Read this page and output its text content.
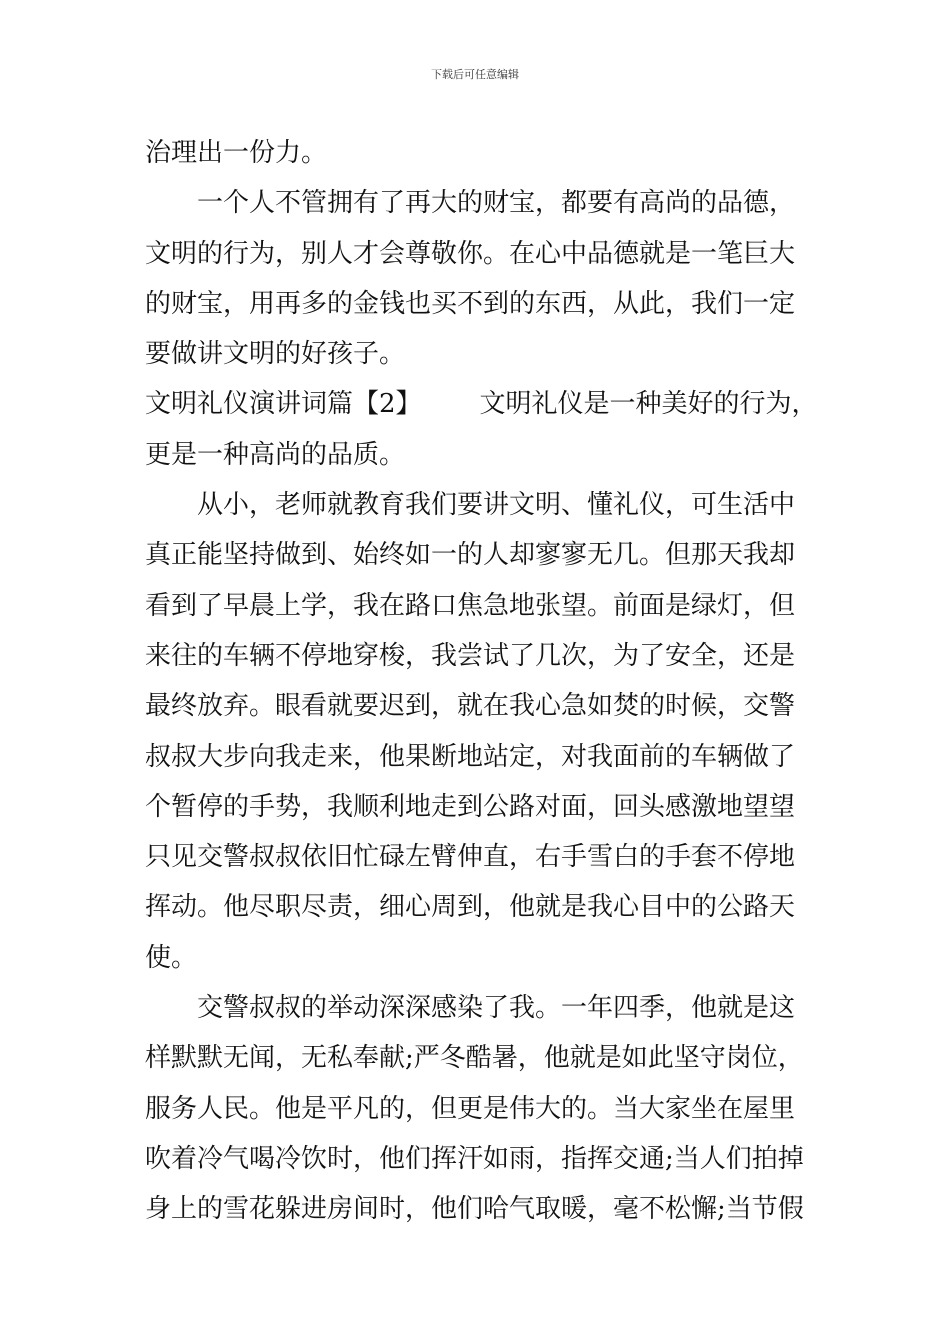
下载后可任意编辑
治理出一份力。
一个人不管拥有了再大的财宝，都要有高尚的品德，
文明的行为，别人才会尊敬你。在心中品德就是一笔巨大
的财宝，用再多的金钱也买不到的东西，从此，我们一定
要做讲文明的好孩子。
文明礼仪演讲词篇【2】 文明礼仪是一种美好的行为，
更是一种高尚的品质。
从小，老师就教育我们要讲文明、懂礼仪，可生活中
真正能坚持做到、始终如一的人却寥寥无几。但那天我却
看到了早晨上学，我在路口焦急地张望。前面是绿灯，但
来往的车辆不停地穿梭，我尝试了几次，为了安全，还是
最终放弃。眼看就要迟到，就在我心急如焚的时候，交警
叔叔大步向我走来，他果断地站定，对我面前的车辆做了
个暂停的手势，我顺利地走到公路对面，回头感激地望望
只见交警叔叔依旧忙碌左臂伸直，右手雪白的手套不停地
挥动。他尽职尽责，细心周到，他就是我心目中的公路天
使。
交警叔叔的举动深深感染了我。一年四季，他就是这
样默默无闻，无私奉献;严冬酷暑，他就是如此坚守岗位，
服务人民。他是平凡的，但更是伟大的。当大家坐在屋里
吹着冷气喝冷饮时，他们挥汗如雨，指挥交通;当人们拍掉
身上的雪花躲进房间时，他们哈气取暖，毫不松懈;当节假
